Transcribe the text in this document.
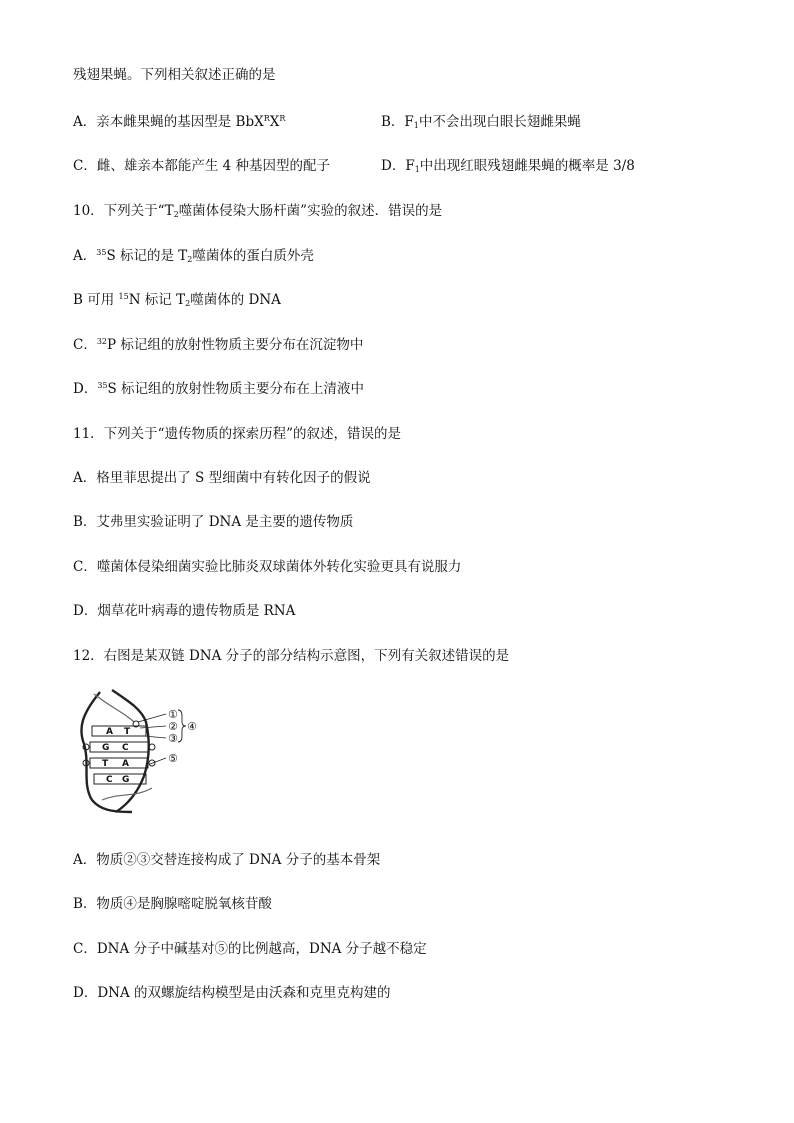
残翅果蝇。下列相关叙述正确的是
A．亲本雌果蝇的基因型是 $BbX^RX^R$	B．$F_1$中不会出现白眼长翅雌果蝇
C．雌、雄亲本都能产生 4 种基因型的配子	D．$F_1$中出现红眼残翅雌果蝇的概率是 3/8
10．下列关于“$T_2$噬菌体侵染大肠杆菌”实验的叙述．错误的是
A．$^{35}$S 标记的是 $T_2$噬菌体的蛋白质外壳
B 可用 $^{15}$N 标记 $T_2$噬菌体的 DNA
C．$^{32}$P 标记组的放射性物质主要分布在沉淀物中
D．$^{35}$S 标记组的放射性物质主要分布在上清液中
11．下列关于“遗传物质的探索历程”的叙述，错误的是
A．格里菲思提出了 S 型细菌中有转化因子的假说
B．艾弗里实验证明了 DNA 是主要的遗传物质
C．噬菌体侵染细菌实验比肺炎双球菌体外转化实验更具有说服力
D．烟草花叶病毒的遗传物质是 RNA
12．右图是某双链 DNA 分子的部分结构示意图，下列有关叙述错误的是
A T
G C
T A
C G
①
②
③
④
⑤
A．物质②③交替连接构成了 DNA 分子的基本骨架
B．物质④是胸腺嘧啶脱氧核苷酸
C．DNA 分子中碱基对⑤的比例越高，DNA 分子越不稳定
D．DNA 的双螺旋结构模型是由沃森和克里克构建的
